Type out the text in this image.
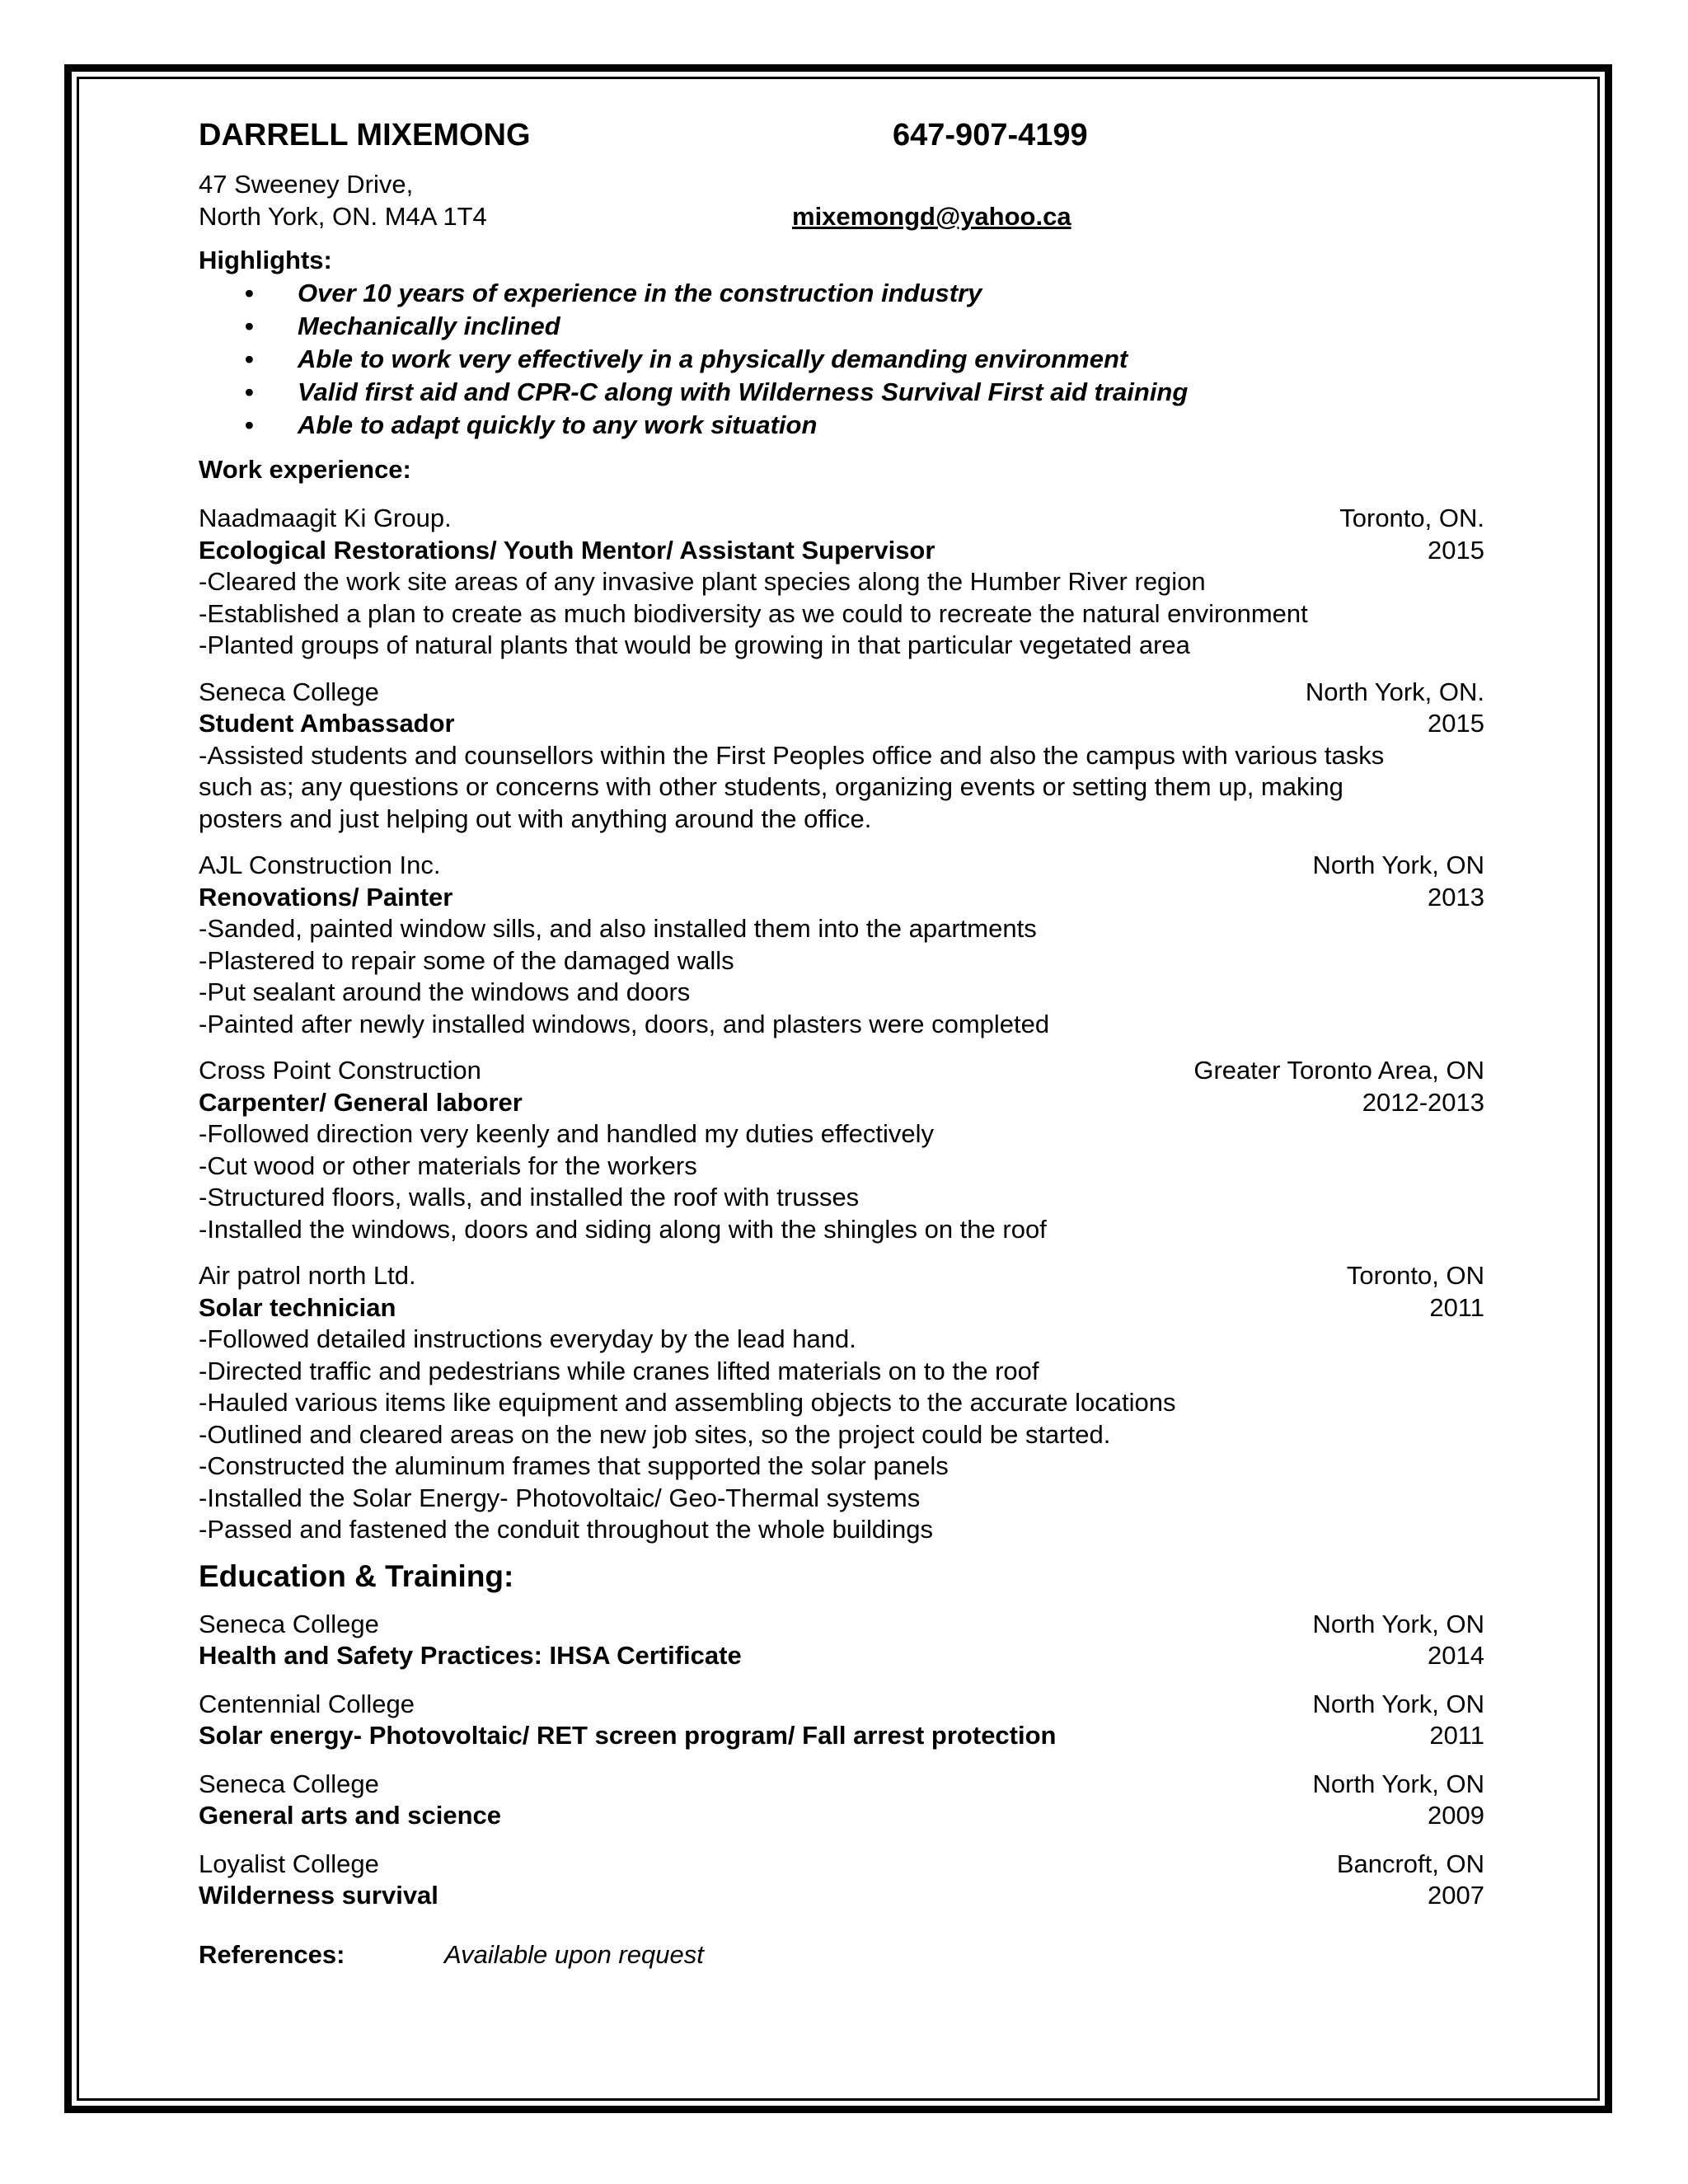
DARRELL MIXEMONG	647-907-4199
47 Sweeney Drive,
North York, ON. M4A 1T4	mixemongd@yahoo.ca
Highlights:
• Over 10 years of experience in the construction industry
• Mechanically inclined
• Able to work very effectively in a physically demanding environment
• Valid first aid and CPR-C along with Wilderness Survival First aid training
• Able to adapt quickly to any work situation
Work experience:
Naadmaagit Ki Group.	Toronto, ON.
Ecological Restorations/ Youth Mentor/ Assistant Supervisor	2015
-Cleared the work site areas of any invasive plant species along the Humber River region
-Established a plan to create as much biodiversity as we could to recreate the natural environment
-Planted groups of natural plants that would be growing in that particular vegetated area
Seneca College	North York, ON.
Student Ambassador	2015
-Assisted students and counsellors within the First Peoples office and also the campus with various tasks
such as; any questions or concerns with other students, organizing events or setting them up, making
posters and just helping out with anything around the office.
AJL Construction Inc.	North York, ON
Renovations/ Painter	2013
-Sanded, painted window sills, and also installed them into the apartments
-Plastered to repair some of the damaged walls
-Put sealant around the windows and doors
-Painted after newly installed windows, doors, and plasters were completed
Cross Point Construction	Greater Toronto Area, ON
Carpenter/ General laborer	2012-2013
-Followed direction very keenly and handled my duties effectively
-Cut wood or other materials for the workers
-Structured floors, walls, and installed the roof with trusses
-Installed the windows, doors and siding along with the shingles on the roof
Air patrol north Ltd.	Toronto, ON
Solar technician	2011
-Followed detailed instructions everyday by the lead hand.
-Directed traffic and pedestrians while cranes lifted materials on to the roof
-Hauled various items like equipment and assembling objects to the accurate locations
-Outlined and cleared areas on the new job sites, so the project could be started.
-Constructed the aluminum frames that supported the solar panels
-Installed the Solar Energy- Photovoltaic/ Geo-Thermal systems
-Passed and fastened the conduit throughout the whole buildings
Education & Training:
Seneca College	North York, ON
Health and Safety Practices: IHSA Certificate	2014
Centennial College	North York, ON
Solar energy- Photovoltaic/ RET screen program/ Fall arrest protection	2011
Seneca College	North York, ON
General arts and science	2009
Loyalist College	Bancroft, ON
Wilderness survival	2007
References:	Available upon request
